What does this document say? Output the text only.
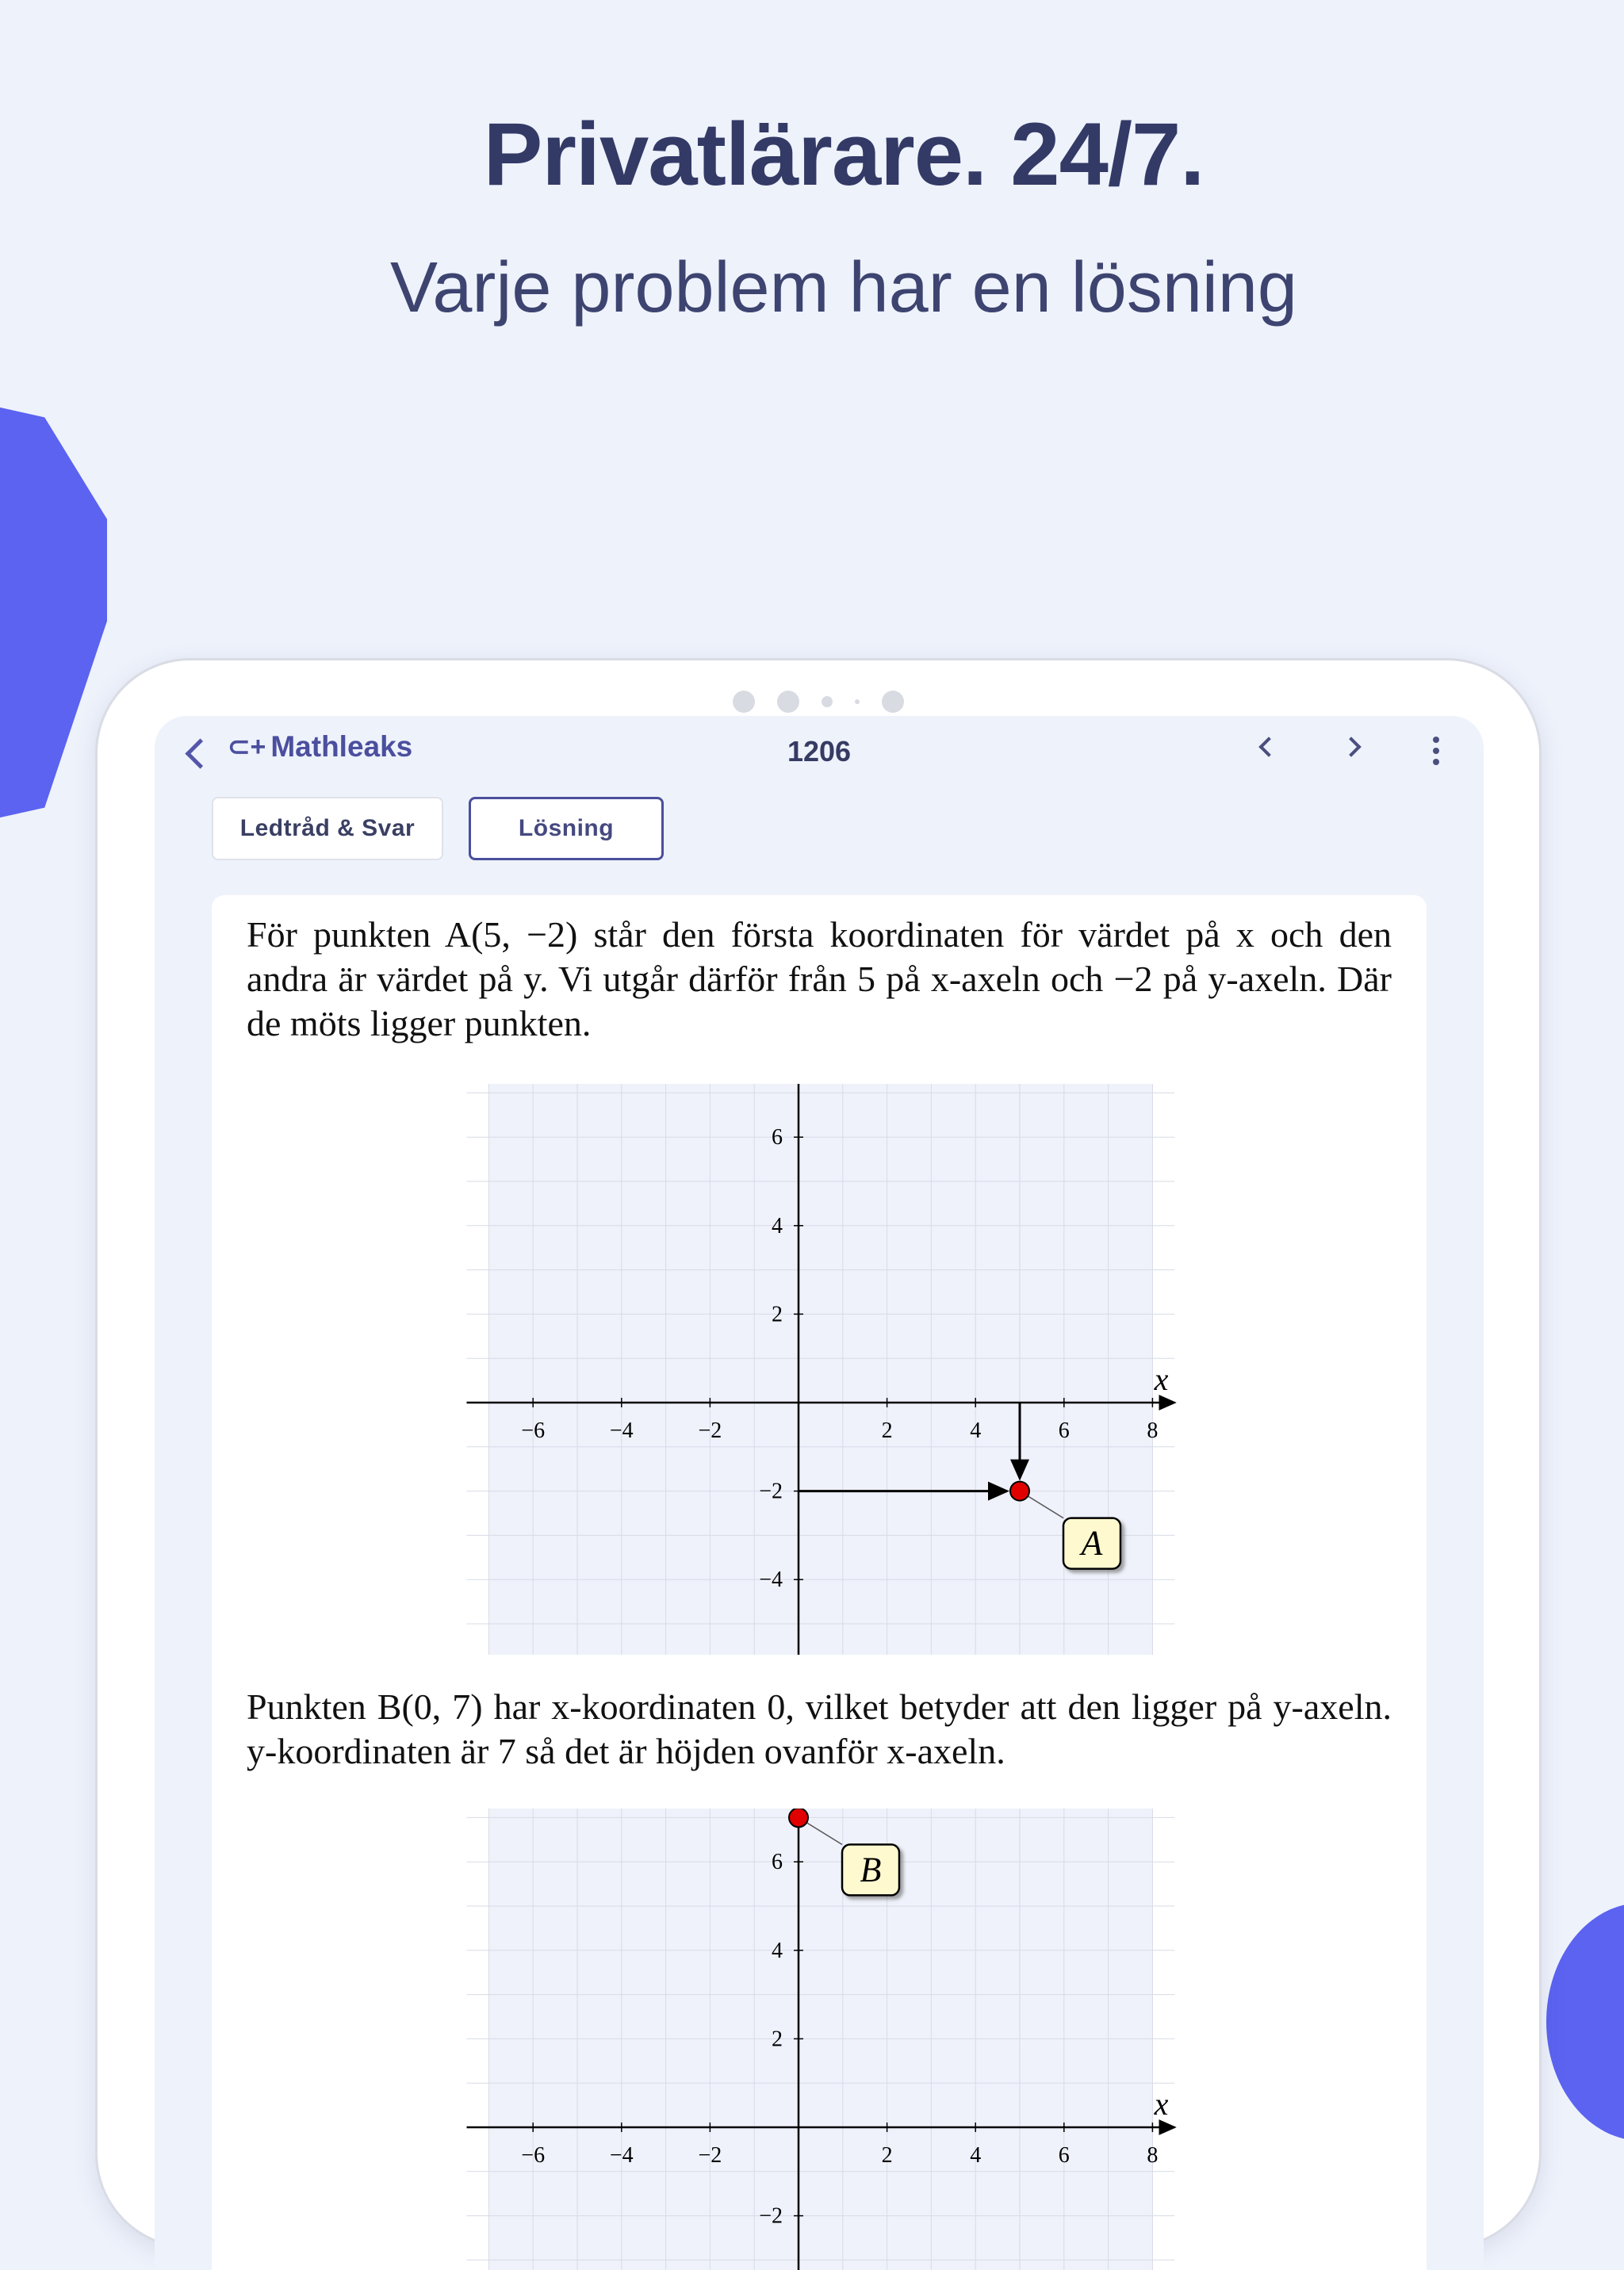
Privatlärare. 24/7.
Varje problem har en lösning
⊂+ Mathleaks	1206
Ledtråd & Svar	Lösning

För punkten A(5, −2) står den första koordinaten för värdet på x och den andra är värdet på y. Vi utgår därför från 5 på x-axeln och −2 på y-axeln. Där de möts ligger punkten.

−6	−4	−2	2	4	6	8
6
4
2
−2
−4
x
A

Punkten B(0, 7) har x-koordinaten 0, vilket betyder att den ligger på y-axeln. y-koordinaten är 7 så det är höjden ovanför x-axeln.

−6	−4	−2	2	4	6	8
6
4
2
−2
x
B
